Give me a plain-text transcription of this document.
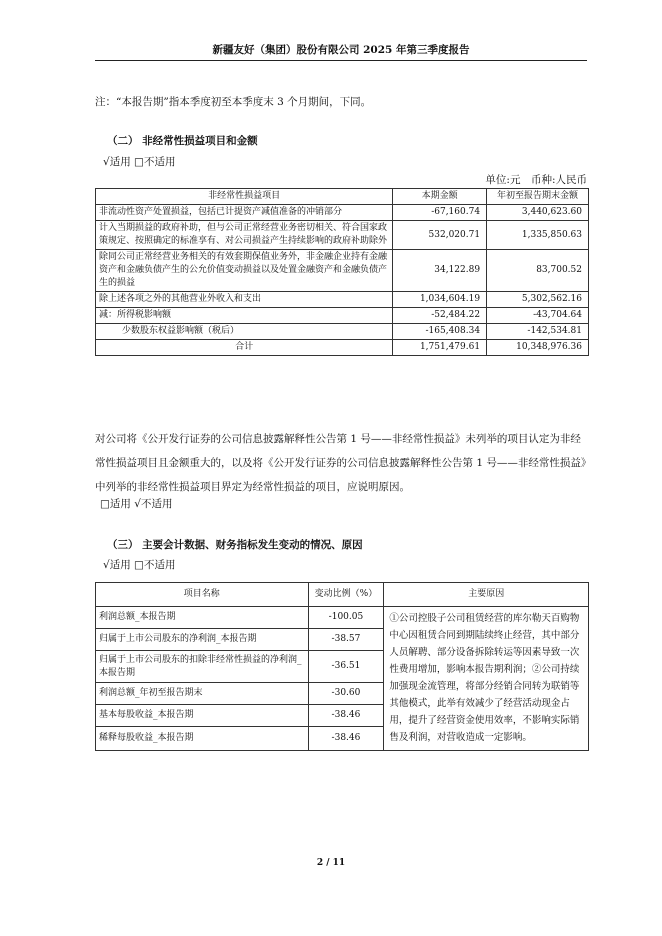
新疆友好（集团）股份有限公司 2025 年第三季度报告
注：“本报告期”指本季度初至本季度末 3 个月期间，下同。
（二） 非经常性损益项目和金额
√适用 □不适用
单位:元　币种:人民币
非经常性损益项目	本期金额	年初至报告期末金额
非流动性资产处置损益，包括已计提资产减值准备的冲销部分	-67,160.74	3,440,623.60
计入当期损益的政府补助，但与公司正常经营业务密切相关、符合国家政策规定、按照确定的标准享有、对公司损益产生持续影响的政府补助除外	532,020.71	1,335,850.63
除同公司正常经营业务相关的有效套期保值业务外，非金融企业持有金融资产和金融负债产生的公允价值变动损益以及处置金融资产和金融负债产生的损益	34,122.89	83,700.52
除上述各项之外的其他营业外收入和支出	1,034,604.19	5,302,562.16
减：所得税影响额	-52,484.22	-43,704.64
少数股东权益影响额（税后）	-165,408.34	-142,534.81
合计	1,751,479.61	10,348,976.36
对公司将《公开发行证券的公司信息披露解释性公告第 1 号——非经常性损益》未列举的项目认定为非经常性损益项目且金额重大的，以及将《公开发行证券的公司信息披露解释性公告第 1 号——非经常性损益》中列举的非经常性损益项目界定为经常性损益的项目，应说明原因。
□适用 √不适用
（三） 主要会计数据、财务指标发生变动的情况、原因
√适用 □不适用
项目名称	变动比例（%）	主要原因
利润总额_本报告期	-100.05	①公司控股子公司租赁经营的库尔勒天百购物中心因租赁合同到期陆续终止经营，其中部分人员解聘、部分设备拆除转运等因素导致一次性费用增加，影响本报告期利润；②公司持续加强现金流管理，将部分经销合同转为联销等其他模式，此举有效减少了经营活动现金占用，提升了经营资金使用效率，不影响实际销售及利润，对营收造成一定影响。
归属于上市公司股东的净利润_本报告期	-38.57	
归属于上市公司股东的扣除非经常性损益的净利润_本报告期	-36.51	
利润总额_年初至报告期末	-30.60	
基本每股收益_本报告期	-38.46	
稀释每股收益_本报告期	-38.46	
2 / 11
